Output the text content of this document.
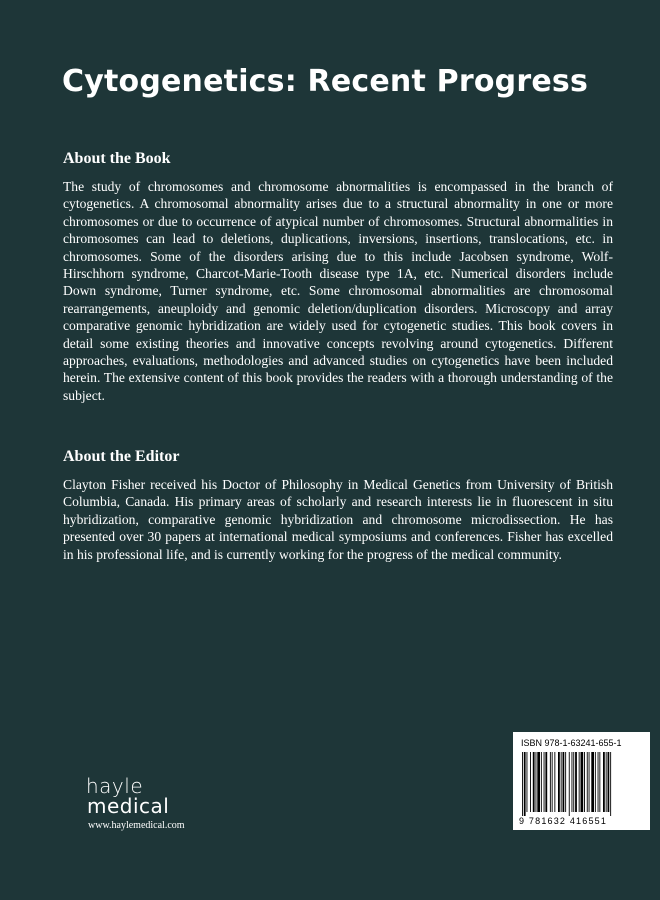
Cytogenetics: Recent Progress
About the Book

The study of chromosomes and chromosome abnormalities is encompassed in the branch of cytogenetics. A chromosomal abnormality arises due to a structural abnormality in one or more chromosomes or due to occurrence of atypical number of chromosomes. Structural abnormalities in chromosomes can lead to deletions, duplications, inversions, insertions, translocations, etc. in chromosomes. Some of the disorders arising due to this include Jacobsen syndrome, Wolf-Hirschhorn syndrome, Charcot-Marie-Tooth disease type 1A, etc. Numerical disorders include Down syndrome, Turner syndrome, etc. Some chromosomal abnormalities are chromosomal rearrangements, aneuploidy and genomic deletion/duplication disorders. Microscopy and array comparative genomic hybridization are widely used for cytogenetic studies. This book covers in detail some existing theories and innovative concepts revolving around cytogenetics. Different approaches, evaluations, methodologies and advanced studies on cytogenetics have been included herein. The extensive content of this book provides the readers with a thorough understanding of the subject.

About the Editor

Clayton Fisher received his Doctor of Philosophy in Medical Genetics from University of British Columbia, Canada. His primary areas of scholarly and research interests lie in fluorescent in situ hybridization, comparative genomic hybridization and chromosome microdissection. He has presented over 30 papers at international medical symposiums and conferences. Fisher has excelled in his professional life, and is currently working for the progress of the medical community.

hayle
medical
www.haylemedical.com
ISBN 978-1-63241-655-1
9 781632 416551
